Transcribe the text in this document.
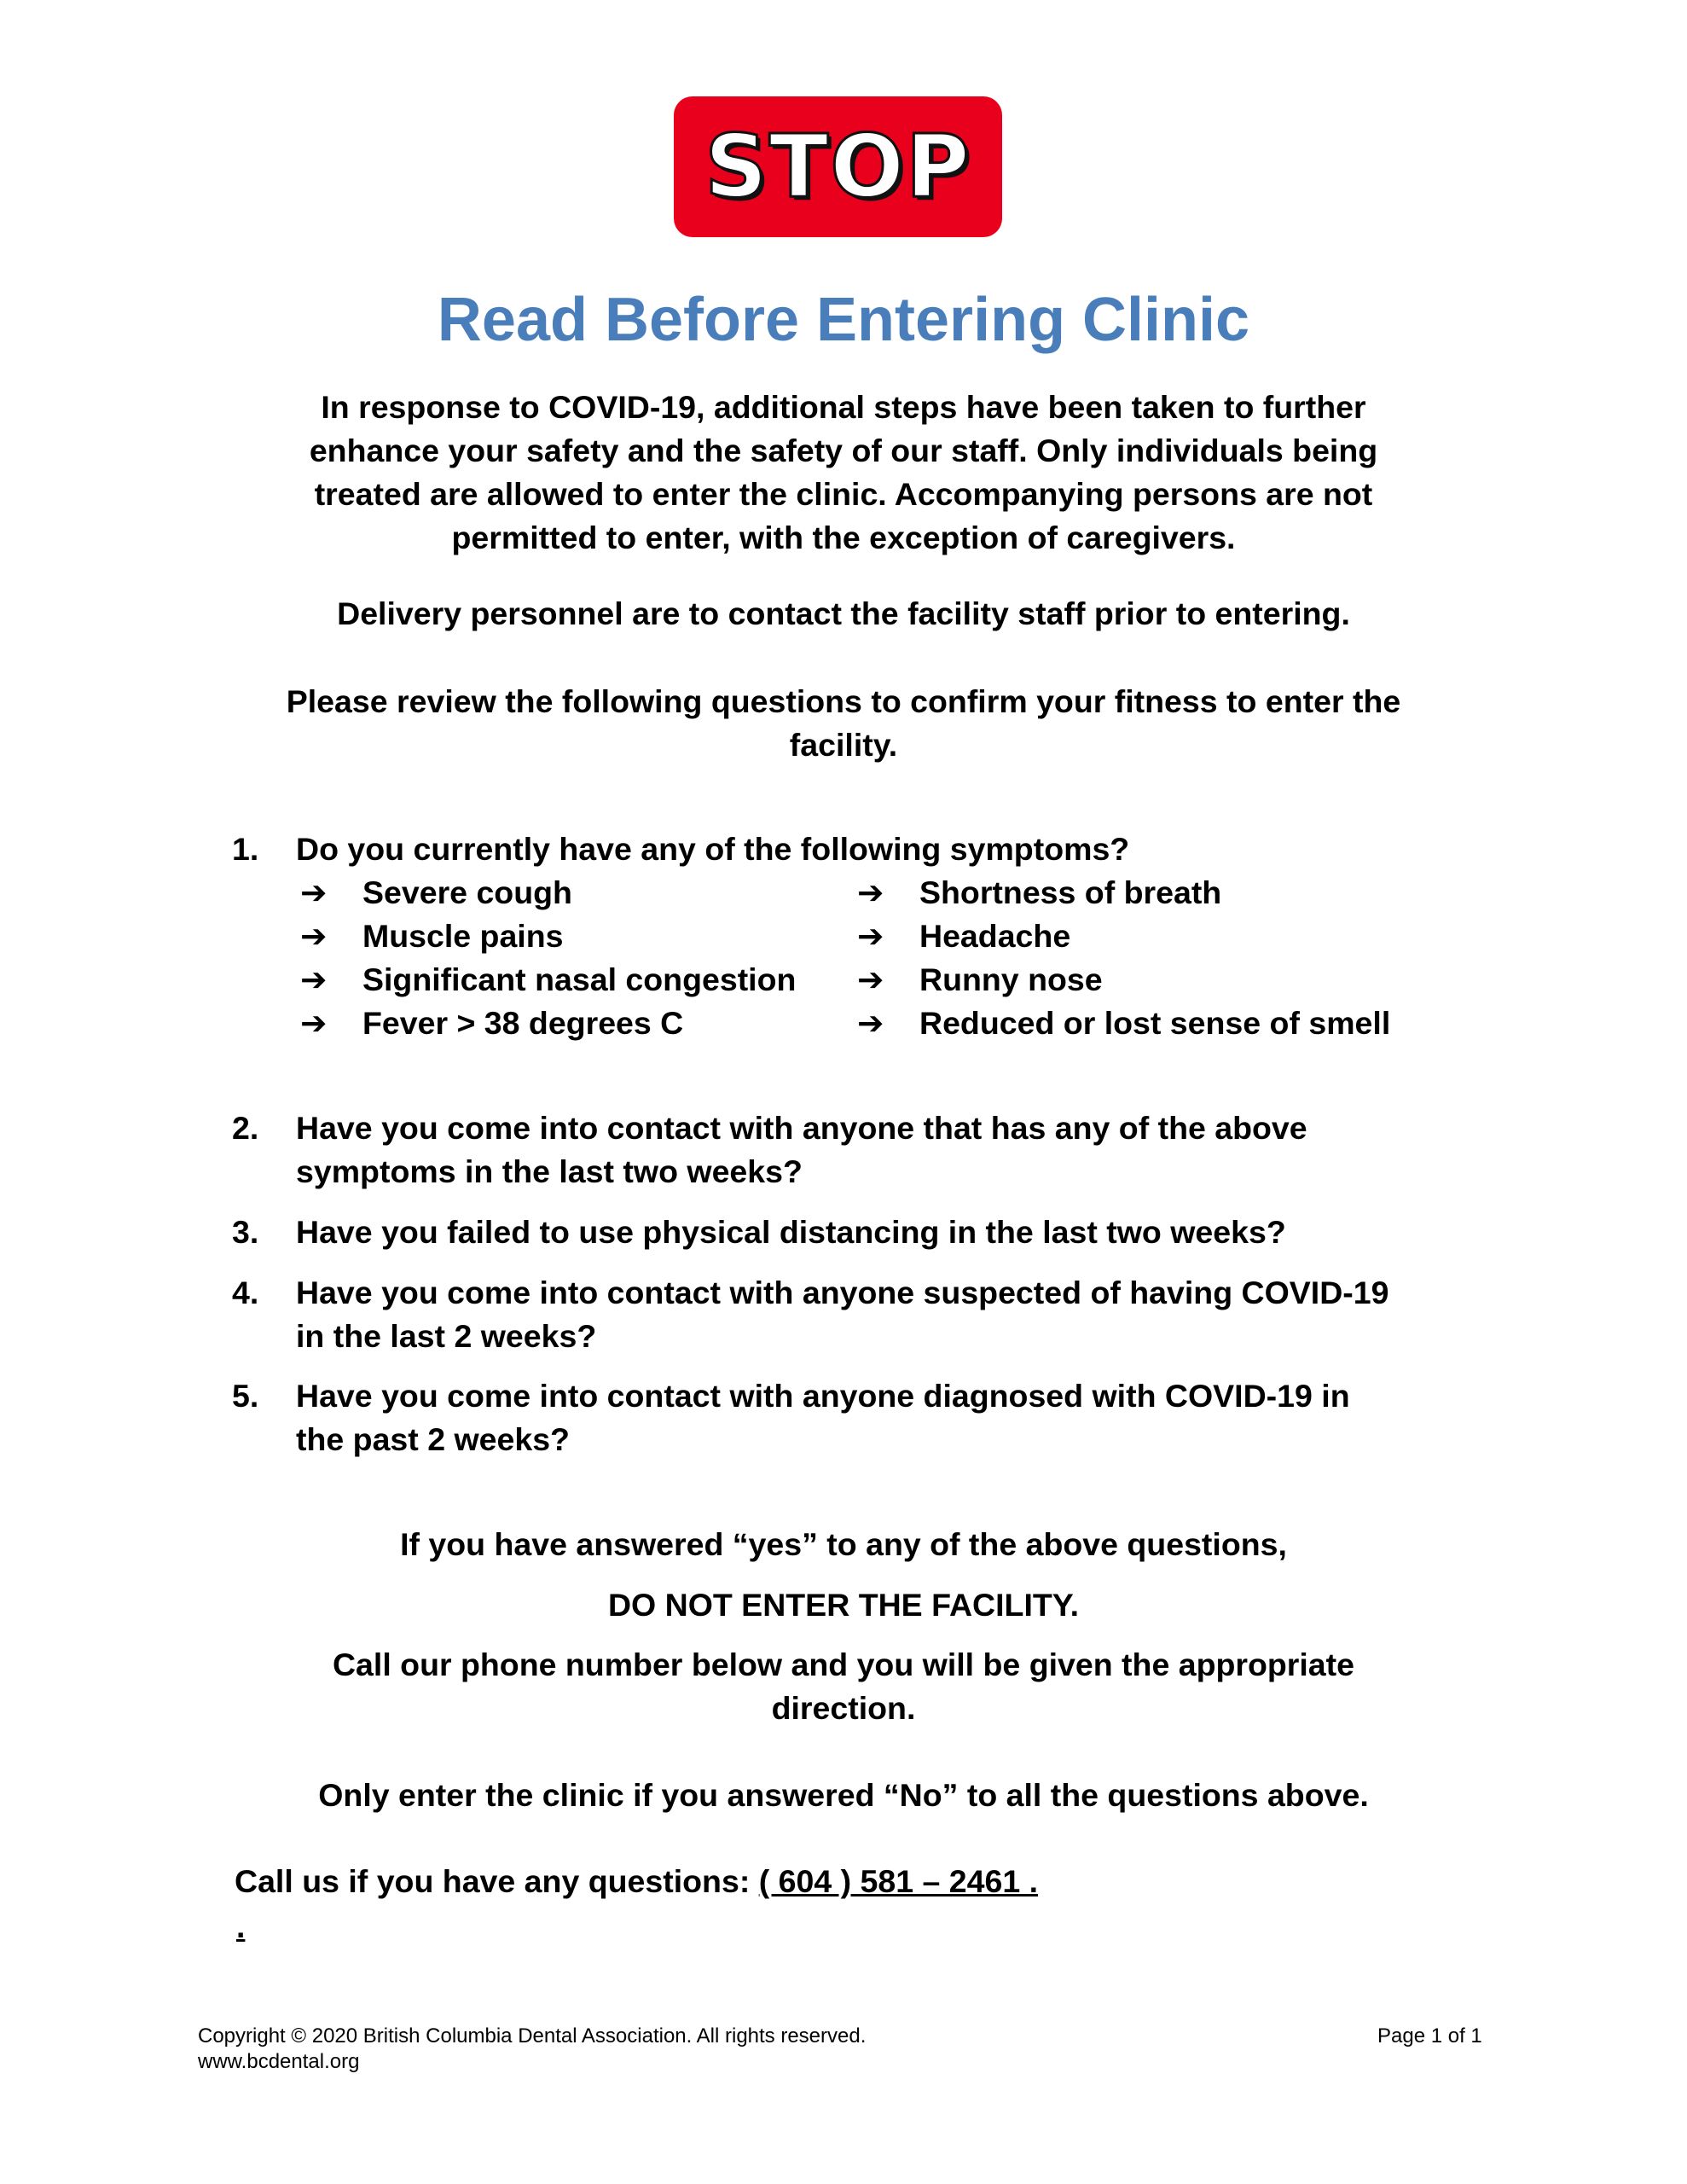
STOP
Read Before Entering Clinic
In response to COVID-19, additional steps have been taken to further
enhance your safety and the safety of our staff. Only individuals being
treated are allowed to enter the clinic. Accompanying persons are not
permitted to enter, with the exception of caregivers.
Delivery personnel are to contact the facility staff prior to entering.
Please review the following questions to confirm your fitness to enter the
facility.
1. Do you currently have any of the following symptoms?
➔ Severe cough
➔ Muscle pains
➔ Significant nasal congestion
➔ Fever > 38 degrees C
➔ Shortness of breath
➔ Headache
➔ Runny nose
➔ Reduced or lost sense of smell
2. Have you come into contact with anyone that has any of the above
symptoms in the last two weeks?
3. Have you failed to use physical distancing in the last two weeks?
4. Have you come into contact with anyone suspected of having COVID-19
in the last 2 weeks?
5. Have you come into contact with anyone diagnosed with COVID-19 in
the past 2 weeks?
If you have answered “yes” to any of the above questions,
DO NOT ENTER THE FACILITY.
Call our phone number below and you will be given the appropriate
direction.
Only enter the clinic if you answered “No” to all the questions above.
Call us if you have any questions: ( 604 ) 581 – 2461 .
.
Copyright © 2020 British Columbia Dental Association. All rights reserved.
www.bcdental.org
Page 1 of 1
